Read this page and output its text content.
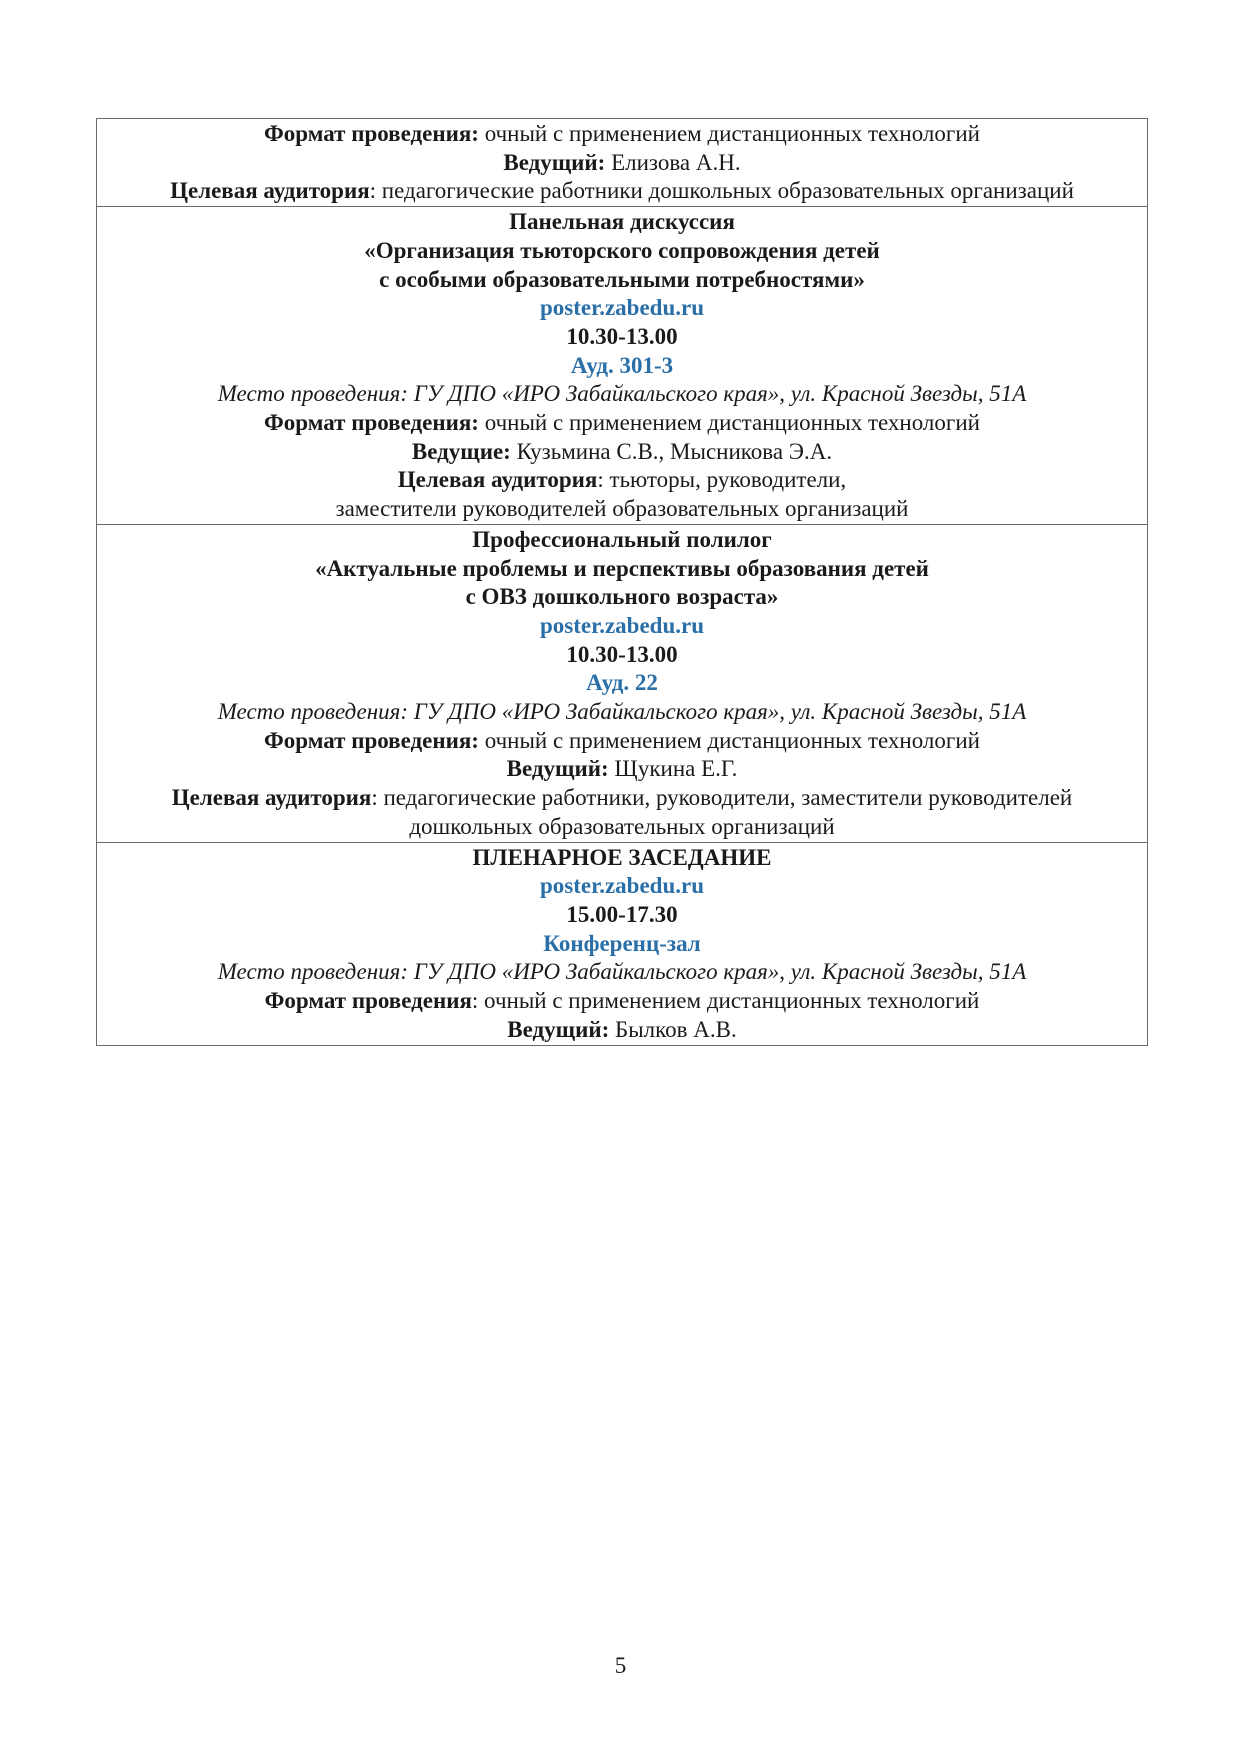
Формат проведения: очный с применением дистанционных технологий
Ведущий: Елизова А.Н.
Целевая аудитория: педагогические работники дошкольных образовательных организаций
Панельная дискуссия
«Организация тьюторского сопровождения детей
с особыми образовательными потребностями»
poster.zabedu.ru
10.30-13.00
Ауд. 301-3
Место проведения: ГУ ДПО «ИРО Забайкальского края», ул. Красной Звезды, 51А
Формат проведения: очный с применением дистанционных технологий
Ведущие: Кузьмина С.В., Мысникова Э.А.
Целевая аудитория: тьюторы, руководители,
заместители руководителей образовательных организаций
Профессиональный полилог
«Актуальные проблемы и перспективы образования детей
с ОВЗ дошкольного возраста»
poster.zabedu.ru
10.30-13.00
Ауд. 22
Место проведения: ГУ ДПО «ИРО Забайкальского края», ул. Красной Звезды, 51А
Формат проведения: очный с применением дистанционных технологий
Ведущий: Щукина Е.Г.
Целевая аудитория: педагогические работники, руководители, заместители руководителей
дошкольных образовательных организаций
ПЛЕНАРНОЕ ЗАСЕДАНИЕ
poster.zabedu.ru
15.00-17.30
Конференц-зал
Место проведения: ГУ ДПО «ИРО Забайкальского края», ул. Красной Звезды, 51А
Формат проведения: очный с применением дистанционных технологий
Ведущий: Былков А.В.
5
